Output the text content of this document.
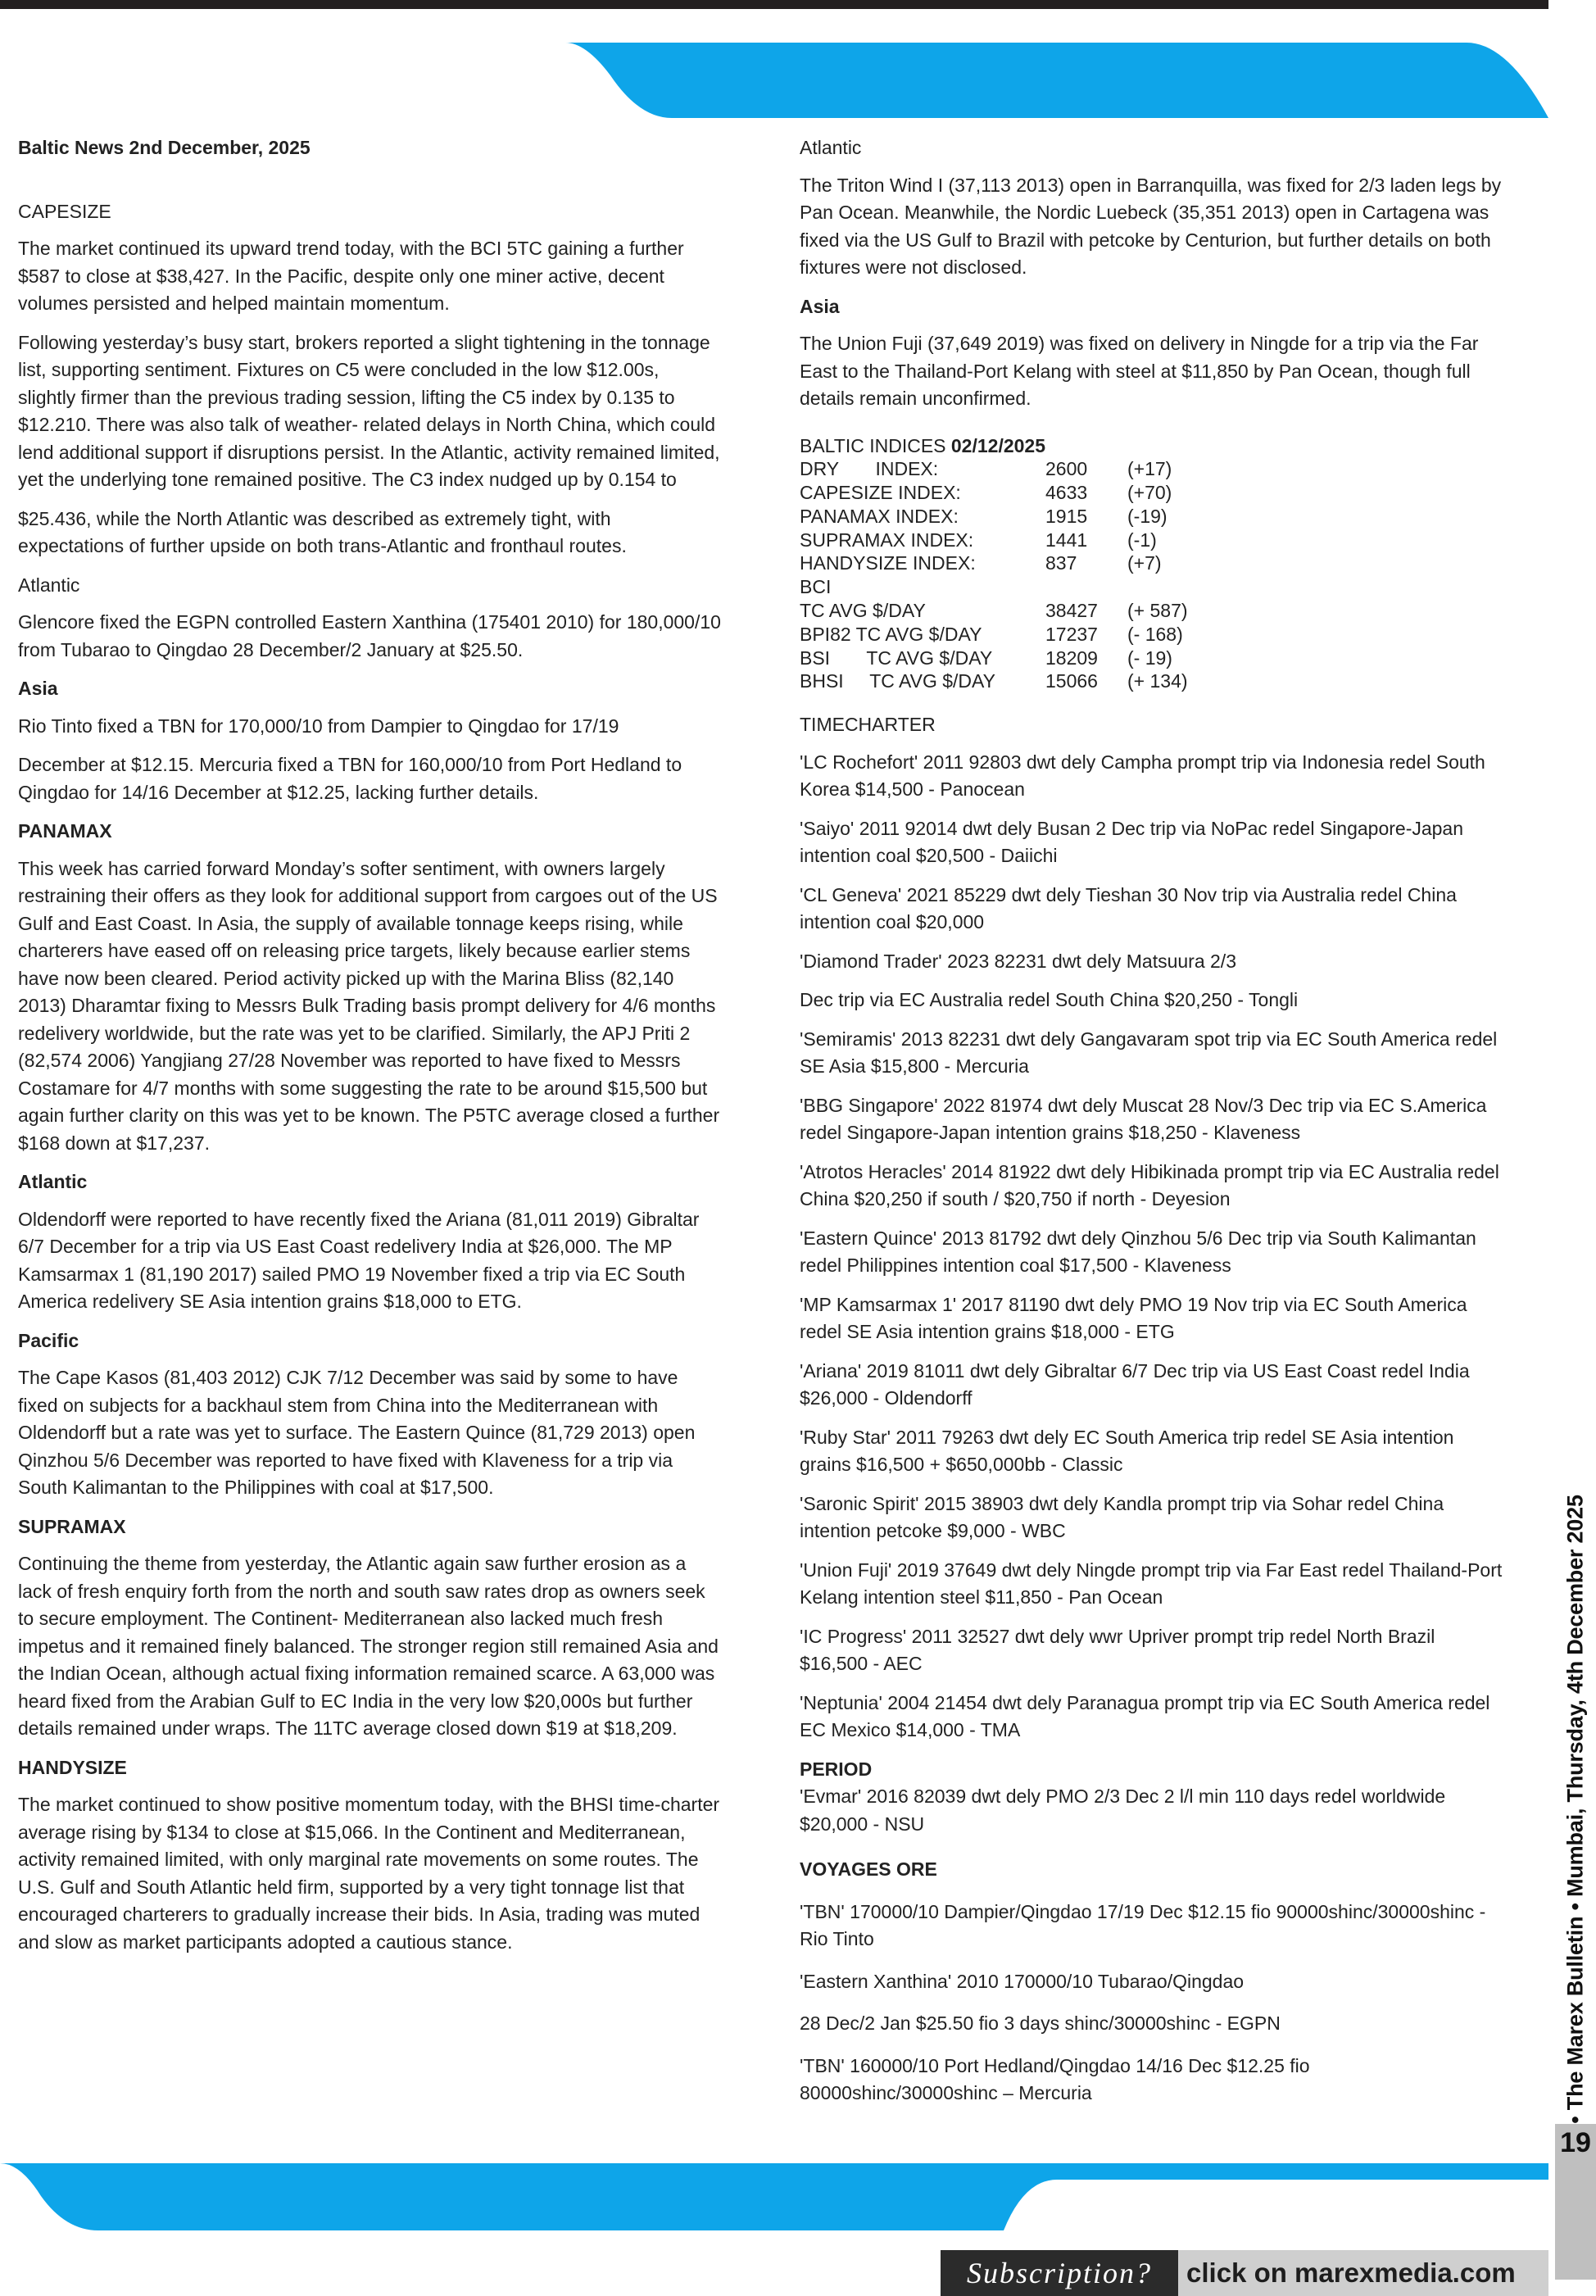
Baltic News 2nd December, 2025
CAPESIZE
The market continued its upward trend today, with the BCI 5TC gaining a further $587 to close at $38,427. In the Pacific, despite only one miner active, decent volumes persisted and helped maintain momentum.
Following yesterday’s busy start, brokers reported a slight tightening in the tonnage list, supporting sentiment. Fixtures on C5 were concluded in the low $12.00s, slightly firmer than the previous trading session, lifting the C5 index by 0.135 to $12.210. There was also talk of weather- related delays in North China, which could lend additional support if disruptions persist. In the Atlantic, activity remained limited, yet the underlying tone remained positive. The C3 index nudged up by 0.154 to
$25.436, while the North Atlantic was described as extremely tight, with expectations of further upside on both trans-Atlantic and fronthaul routes.
Atlantic
Glencore fixed the EGPN controlled Eastern Xanthina (175401 2010) for 180,000/10 from Tubarao to Qingdao 28 December/2 January at $25.50.
Asia
Rio Tinto fixed a TBN for 170,000/10 from Dampier to Qingdao for 17/19
December at $12.15. Mercuria fixed a TBN for 160,000/10 from Port Hedland to Qingdao for 14/16 December at $12.25, lacking further details.
PANAMAX
This week has carried forward Monday’s softer sentiment, with owners largely restraining their offers as they look for additional support from cargoes out of the US Gulf and East Coast. In Asia, the supply of available tonnage keeps rising, while charterers have eased off on releasing price targets, likely because earlier stems have now been cleared. Period activity picked up with the Marina Bliss (82,140 2013) Dharamtar fixing to Messrs Bulk Trading basis prompt delivery for 4/6 months redelivery worldwide, but the rate was yet to be clarified. Similarly, the APJ Priti 2 (82,574 2006) Yangjiang 27/28 November was reported to have fixed to Messrs Costamare for 4/7 months with some suggesting the rate to be around $15,500 but again further clarity on this was yet to be known. The P5TC average closed a further $168 down at $17,237.
Atlantic
Oldendorff were reported to have recently fixed the Ariana (81,011 2019) Gibraltar 6/7 December for a trip via US East Coast redelivery India at $26,000. The MP Kamsarmax 1 (81,190 2017) sailed PMO 19 November fixed a trip via EC South America redelivery SE Asia intention grains $18,000 to ETG.
Pacific
The Cape Kasos (81,403 2012) CJK 7/12 December was said by some to have fixed on subjects for a backhaul stem from China into the Mediterranean with Oldendorff but a rate was yet to surface. The Eastern Quince (81,729 2013) open Qinzhou 5/6 December was reported to have fixed with Klaveness for a trip via South Kalimantan to the Philippines with coal at $17,500.
SUPRAMAX
Continuing the theme from yesterday, the Atlantic again saw further erosion as a lack of fresh enquiry forth from the north and south saw rates drop as owners seek to secure employment. The Continent- Mediterranean also lacked much fresh impetus and it remained finely balanced. The stronger region still remained Asia and the Indian Ocean, although actual fixing information remained scarce. A 63,000 was heard fixed from the Arabian Gulf to EC India in the very low $20,000s but further details remained under wraps. The 11TC average closed down $19 at $18,209.
HANDYSIZE
The market continued to show positive momentum today, with the BHSI time-charter average rising by $134 to close at $15,066. In the Continent and Mediterranean, activity remained limited, with only marginal rate movements on some routes. The U.S. Gulf and South Atlantic held firm, supported by a very tight tonnage list that encouraged charterers to gradually increase their bids. In Asia, trading was muted and slow as market participants adopted a cautious stance.
Atlantic
The Triton Wind I (37,113 2013) open in Barranquilla, was fixed for 2/3 laden legs by Pan Ocean. Meanwhile, the Nordic Luebeck (35,351 2013) open in Cartagena was fixed via the US Gulf to Brazil with petcoke by Centurion, but further details on both fixtures were not disclosed.
Asia
The Union Fuji (37,649 2019) was fixed on delivery in Ningde for a trip via the Far East to the Thailand-Port Kelang with steel at $11,850 by Pan Ocean, though full details remain unconfirmed.
BALTIC INDICES 02/12/2025
DRY       INDEX:	2600	(+17)
CAPESIZE INDEX:	4633	(+70)
PANAMAX INDEX:	1915	(-19)
SUPRAMAX INDEX:	1441	(-1)
HANDYSIZE INDEX:	837	(+7)
BCI
TC AVG $/DAY	38427	(+ 587)
BPI82 TC AVG $/DAY	17237	(- 168)
BSI       TC AVG $/DAY	18209	(- 19)
BHSI     TC AVG $/DAY	15066	(+ 134)
TIMECHARTER
'LC Rochefort' 2011 92803 dwt dely Campha prompt trip via Indonesia redel South Korea $14,500 - Panocean
'Saiyo' 2011 92014 dwt dely Busan 2 Dec trip via NoPac redel Singapore-Japan intention coal $20,500 - Daiichi
'CL Geneva' 2021 85229 dwt dely Tieshan 30 Nov trip via Australia redel China intention coal $20,000
'Diamond Trader' 2023 82231 dwt dely Matsuura 2/3
Dec trip via EC Australia redel South China $20,250 - Tongli
'Semiramis' 2013 82231 dwt dely Gangavaram spot trip via EC South America redel SE Asia $15,800 - Mercuria
'BBG Singapore' 2022 81974 dwt dely Muscat 28 Nov/3 Dec trip via EC S.America redel Singapore-Japan intention grains $18,250 - Klaveness
'Atrotos Heracles' 2014 81922 dwt dely Hibikinada prompt trip via EC Australia redel China $20,250 if south / $20,750 if north - Deyesion
'Eastern Quince' 2013 81792 dwt dely Qinzhou 5/6 Dec trip via South Kalimantan redel Philippines intention coal $17,500 - Klaveness
'MP Kamsarmax 1' 2017 81190 dwt dely PMO 19 Nov trip via EC South America redel SE Asia intention grains $18,000 - ETG
'Ariana' 2019 81011 dwt dely Gibraltar 6/7 Dec trip via US East Coast redel India $26,000 - Oldendorff
'Ruby Star' 2011 79263 dwt dely EC South America trip redel SE Asia intention grains $16,500 + $650,000bb - Classic
'Saronic Spirit' 2015 38903 dwt dely Kandla prompt trip via Sohar redel China intention petcoke $9,000 - WBC
'Union Fuji' 2019 37649 dwt dely Ningde prompt trip via Far East redel Thailand-Port Kelang intention steel $11,850 - Pan Ocean
'IC Progress' 2011 32527 dwt dely wwr Upriver prompt trip redel North Brazil $16,500 - AEC
'Neptunia' 2004 21454 dwt dely Paranagua prompt trip via EC South America redel EC Mexico $14,000 - TMA
PERIOD
'Evmar' 2016 82039 dwt dely PMO 2/3 Dec 2 l/l min 110 days redel worldwide $20,000 - NSU
VOYAGES ORE
'TBN' 170000/10 Dampier/Qingdao 17/19 Dec $12.15 fio 90000shinc/30000shinc - Rio Tinto
'Eastern Xanthina' 2010 170000/10 Tubarao/Qingdao
28 Dec/2 Jan $25.50 fio 3 days shinc/30000shinc - EGPN
'TBN' 160000/10 Port Hedland/Qingdao 14/16 Dec $12.25 fio 80000shinc/30000shinc – Mercuria	• The Marex Bulletin • Mumbai, Thursday, 4th December 2025
19
Subscription?	click on marexmedia.com
